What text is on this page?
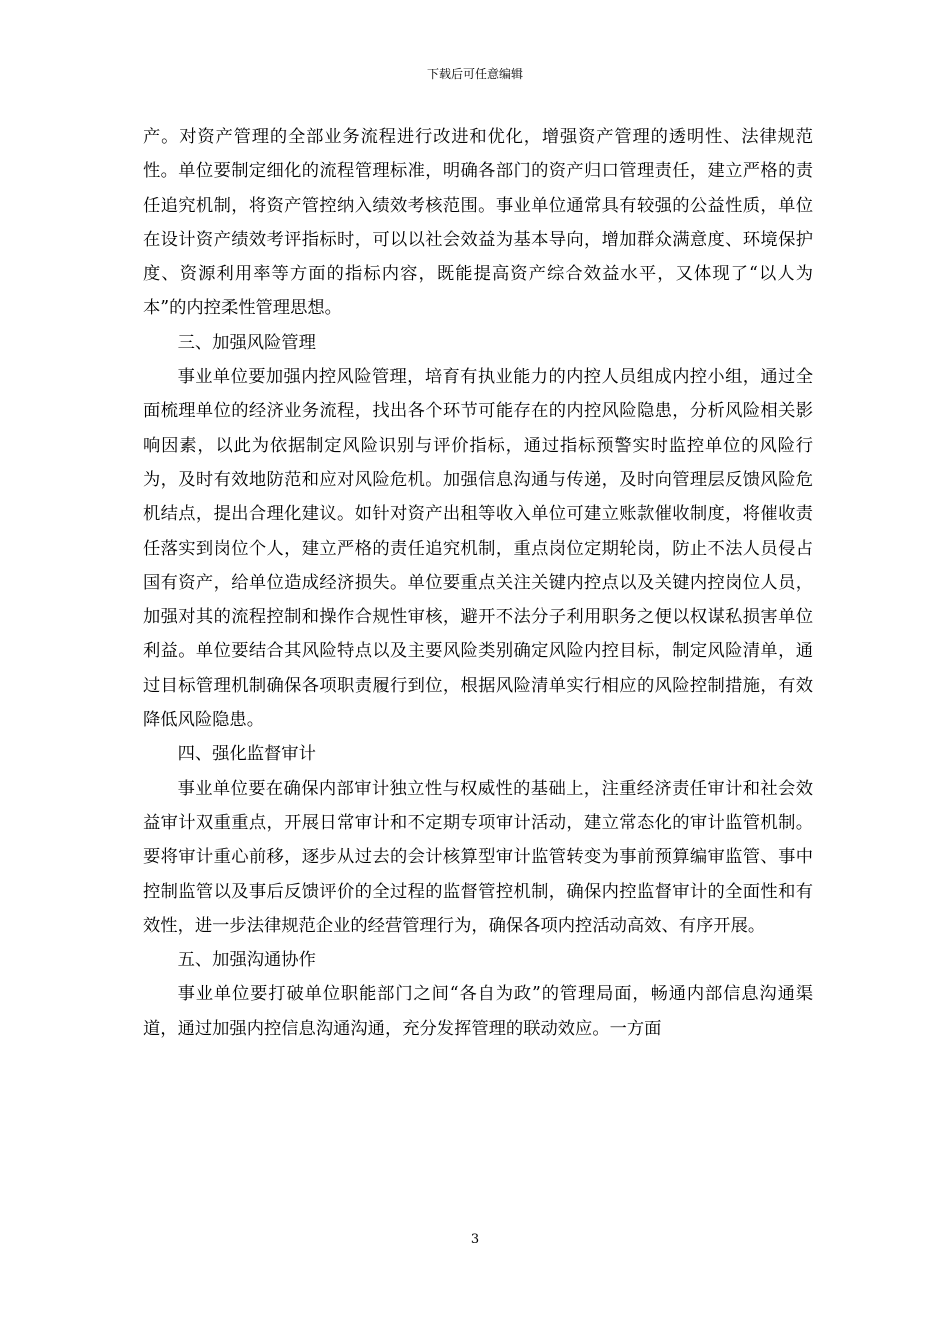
下载后可任意编辑

产。对资产管理的全部业务流程进行改进和优化，增强资产管理的透明性、法律规范性。单位要制定细化的流程管理标准，明确各部门的资产归口管理责任，建立严格的责任追究机制，将资产管控纳入绩效考核范围。事业单位通常具有较强的公益性质，单位在设计资产绩效考评指标时，可以以社会效益为基本导向，增加群众满意度、环境保护度、资源利用率等方面的指标内容，既能提高资产综合效益水平，又体现了“以人为本”的内控柔性管理思想。

三、加强风险管理

事业单位要加强内控风险管理，培育有执业能力的内控人员组成内控小组，通过全面梳理单位的经济业务流程，找出各个环节可能存在的内控风险隐患，分析风险相关影响因素，以此为依据制定风险识别与评价指标，通过指标预警实时监控单位的风险行为，及时有效地防范和应对风险危机。加强信息沟通与传递，及时向管理层反馈风险危机结点，提出合理化建议。如针对资产出租等收入单位可建立账款催收制度，将催收责任落实到岗位个人，建立严格的责任追究机制，重点岗位定期轮岗，防止不法人员侵占国有资产，给单位造成经济损失。单位要重点关注关键内控点以及关键内控岗位人员，加强对其的流程控制和操作合规性审核，避开不法分子利用职务之便以权谋私损害单位利益。单位要结合其风险特点以及主要风险类别确定风险内控目标，制定风险清单，通过目标管理机制确保各项职责履行到位，根据风险清单实行相应的风险控制措施，有效降低风险隐患。

四、强化监督审计

事业单位要在确保内部审计独立性与权威性的基础上，注重经济责任审计和社会效益审计双重重点，开展日常审计和不定期专项审计活动，建立常态化的审计监管机制。要将审计重心前移，逐步从过去的会计核算型审计监管转变为事前预算编审监管、事中控制监管以及事后反馈评价的全过程的监督管控机制，确保内控监督审计的全面性和有效性，进一步法律规范企业的经营管理行为，确保各项内控活动高效、有序开展。

五、加强沟通协作

事业单位要打破单位职能部门之间“各自为政”的管理局面，畅通内部信息沟通渠道，通过加强内控信息沟通沟通，充分发挥管理的联动效应。一方面

3
